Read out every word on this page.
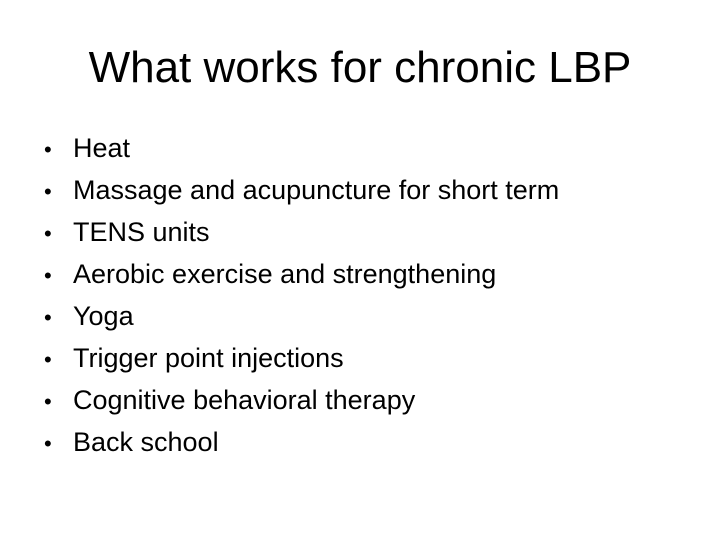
What works for chronic LBP
• Heat
• Massage and acupuncture for short term
• TENS units
• Aerobic exercise and strengthening
• Yoga
• Trigger point injections
• Cognitive behavioral therapy
• Back school
